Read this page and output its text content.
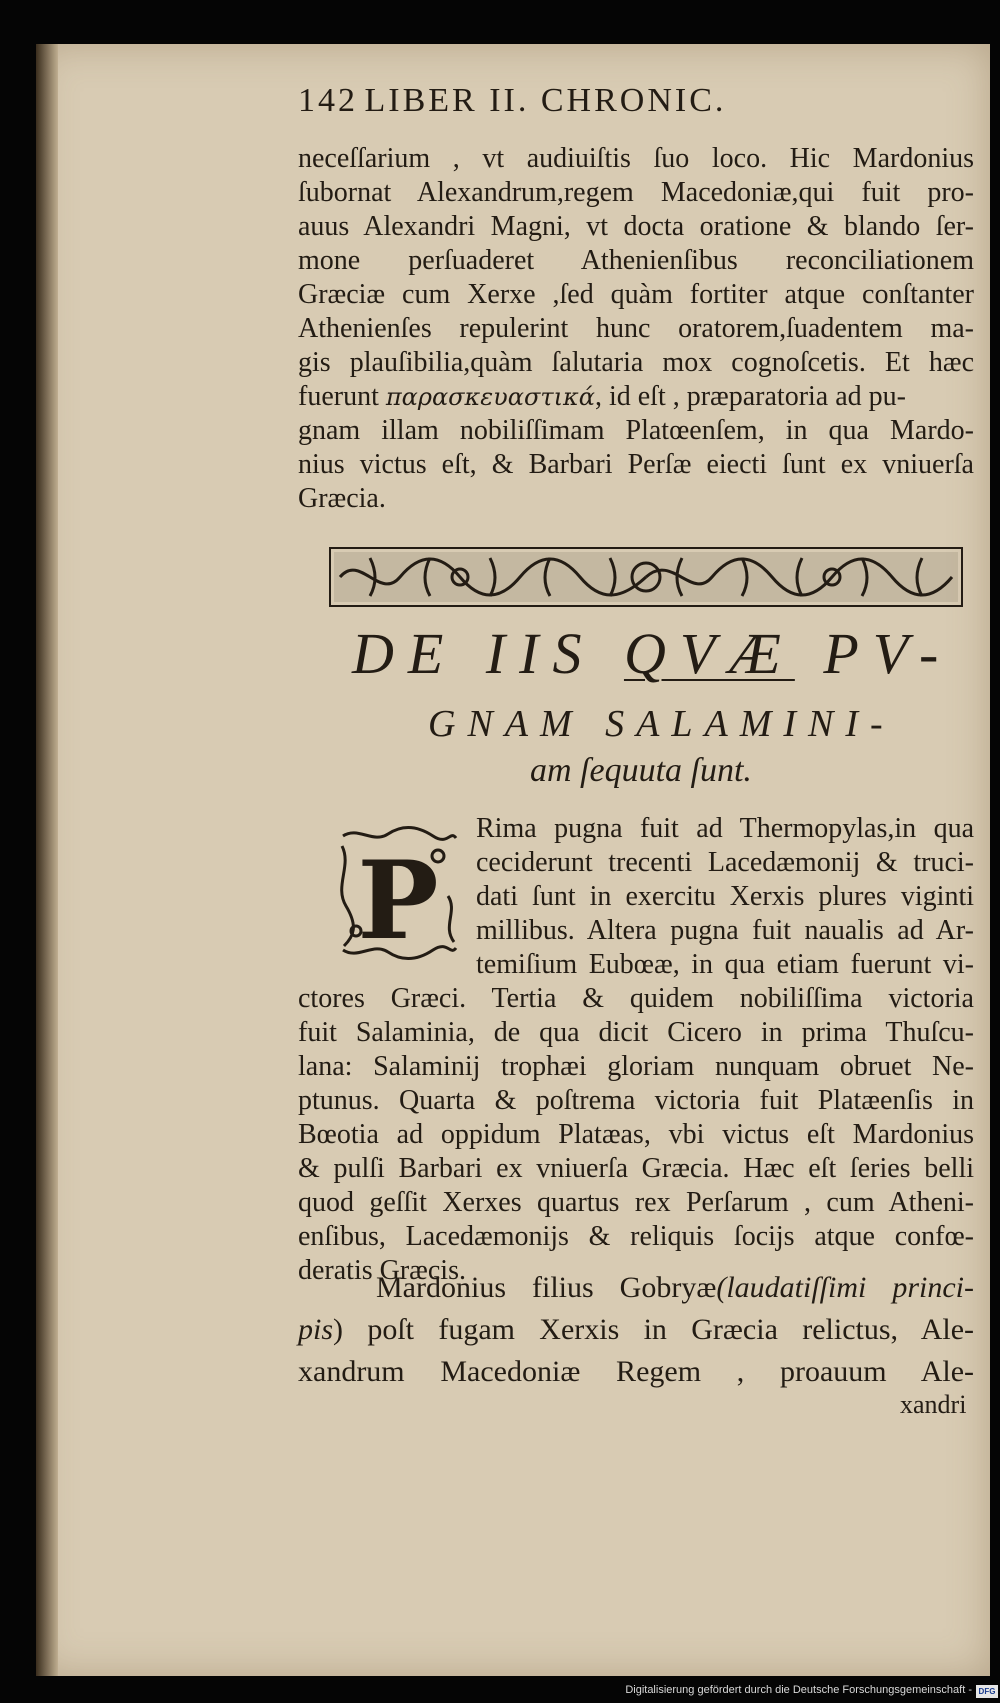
142 LIBER II. CHRONIC.
neceſſarium , vt audiuiſtis ſuo loco. Hic Mardonius
ſubornat Alexandrum,regem Macedoniæ,qui fuit pro-
auus Alexandri Magni, vt docta oratione & blando ſer-
mone perſuaderet Athenienſibus reconciliationem
Græciæ cum Xerxe ,ſed quàm fortiter atque conſtanter
Athenienſes repulerint hunc oratorem,ſuadentem ma-
gis plauſibilia,quàm ſalutaria mox cognoſcetis. Et hæc
fuerunt παρασκευαστικά, id eſt , præparatoria ad pu-
gnam illam nobiliſſimam Platœenſem, in qua Mardo-
nius victus eſt, & Barbari Perſæ eiecti ſunt ex vniuerſa
Græcia.
DE IIS QVÆ PV-
GNAM SALAMINI-
am ſequuta ſunt.
P
Rima pugna fuit ad Thermopylas,in qua
ceciderunt trecenti Lacedæmonij & truci-
dati ſunt in exercitu Xerxis plures viginti
millibus. Altera pugna fuit naualis ad Ar-
temiſium Eubœæ, in qua etiam fuerunt vi-
ctores Græci. Tertia & quidem nobiliſſima victoria
fuit Salaminia, de qua dicit Cicero in prima Thuſcu-
lana: Salaminij trophæi gloriam nunquam obruet Ne-
ptunus. Quarta & poſtrema victoria fuit Platæenſis in
Bœotia ad oppidum Platæas, vbi victus eſt Mardonius
& pulſi Barbari ex vniuerſa Græcia. Hæc eſt ſeries belli
quod geſſit Xerxes quartus rex Perſarum , cum Atheni-
enſibus, Lacedæmonijs & reliquis ſocijs atque confœ-
deratis Græcis.
Mardonius filius Gobryæ(laudatiſſimi princi-
pis) poſt fugam Xerxis in Græcia relictus, Ale-
xandrum Macedoniæ Regem , proauum Ale-
Digitalisierung gefördert durch die Deutsche Forschungsgemeinschaft - DFG
